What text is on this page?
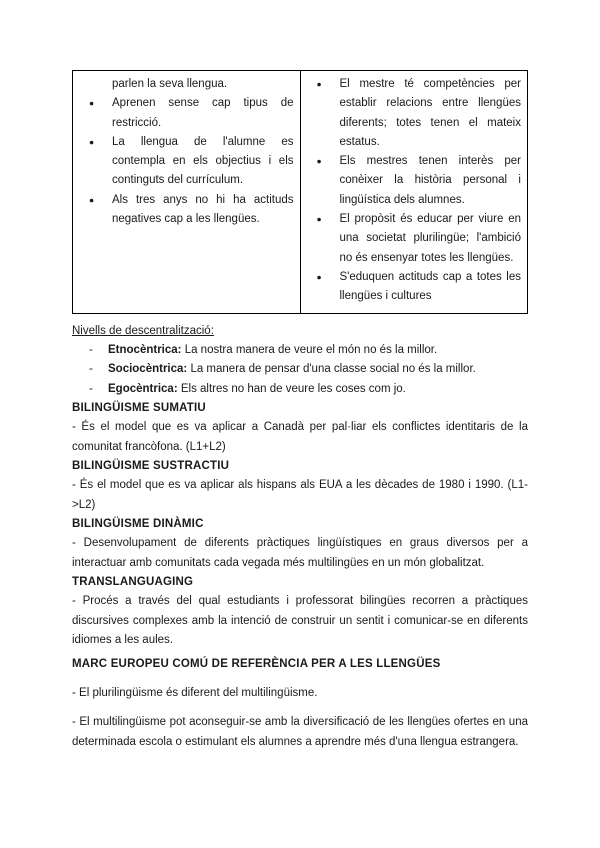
parlen la seva llengua.
● Aprenen sense cap tipus de restricció.
● La llengua de l'alumne es contempla en els objectius i els continguts del currículum.
● Als tres anys no hi ha actituds negatives cap a les llengües.

● El mestre té competències per establir relacions entre llengües diferents; totes tenen el mateix estatus.
● Els mestres tenen interès per conèixer la història personal i lingüística dels alumnes.
● El propòsit és educar per viure en una societat plurilingüe; l'ambició no és ensenyar totes les llengües.
● S'eduquen actituds cap a totes les llengües i cultures
Nivells de descentralització:
- Etnocèntrica: La nostra manera de veure el món no és la millor.
- Sociocèntrica: La manera de pensar d'una classe social no és la millor.
- Egocèntrica: Els altres no han de veure les coses com jo.
BILINGÜISME SUMATIU

- És el model que es va aplicar a Canadà per pal·liar els conflictes identitaris de la comunitat francòfona. (L1+L2)

BILINGÜISME SUSTRACTIU

- És el model que es va aplicar als hispans als EUA a les dècades de 1980 i 1990. (L1->L2)

BILINGÜISME DINÀMIC

- Desenvolupament de diferents pràctiques lingüístiques en graus diversos per a interactuar amb comunitats cada vegada més multilingües en un món globalitzat.

TRANSLANGUAGING

- Procés a través del qual estudiants i professorat bilingües recorren a pràctiques discursives complexes amb la intenció de construir un sentit i comunicar-se en diferents idiomes a les aules.

MARC EUROPEU COMÚ DE REFERÈNCIA PER A LES LLENGÜES

- El plurilingüisme és diferent del multilingüisme.

- El multilingüisme pot aconseguir-se amb la diversificació de les llengües ofertes en una determinada escola o estimulant els alumnes a aprendre més d'una llengua estrangera.
